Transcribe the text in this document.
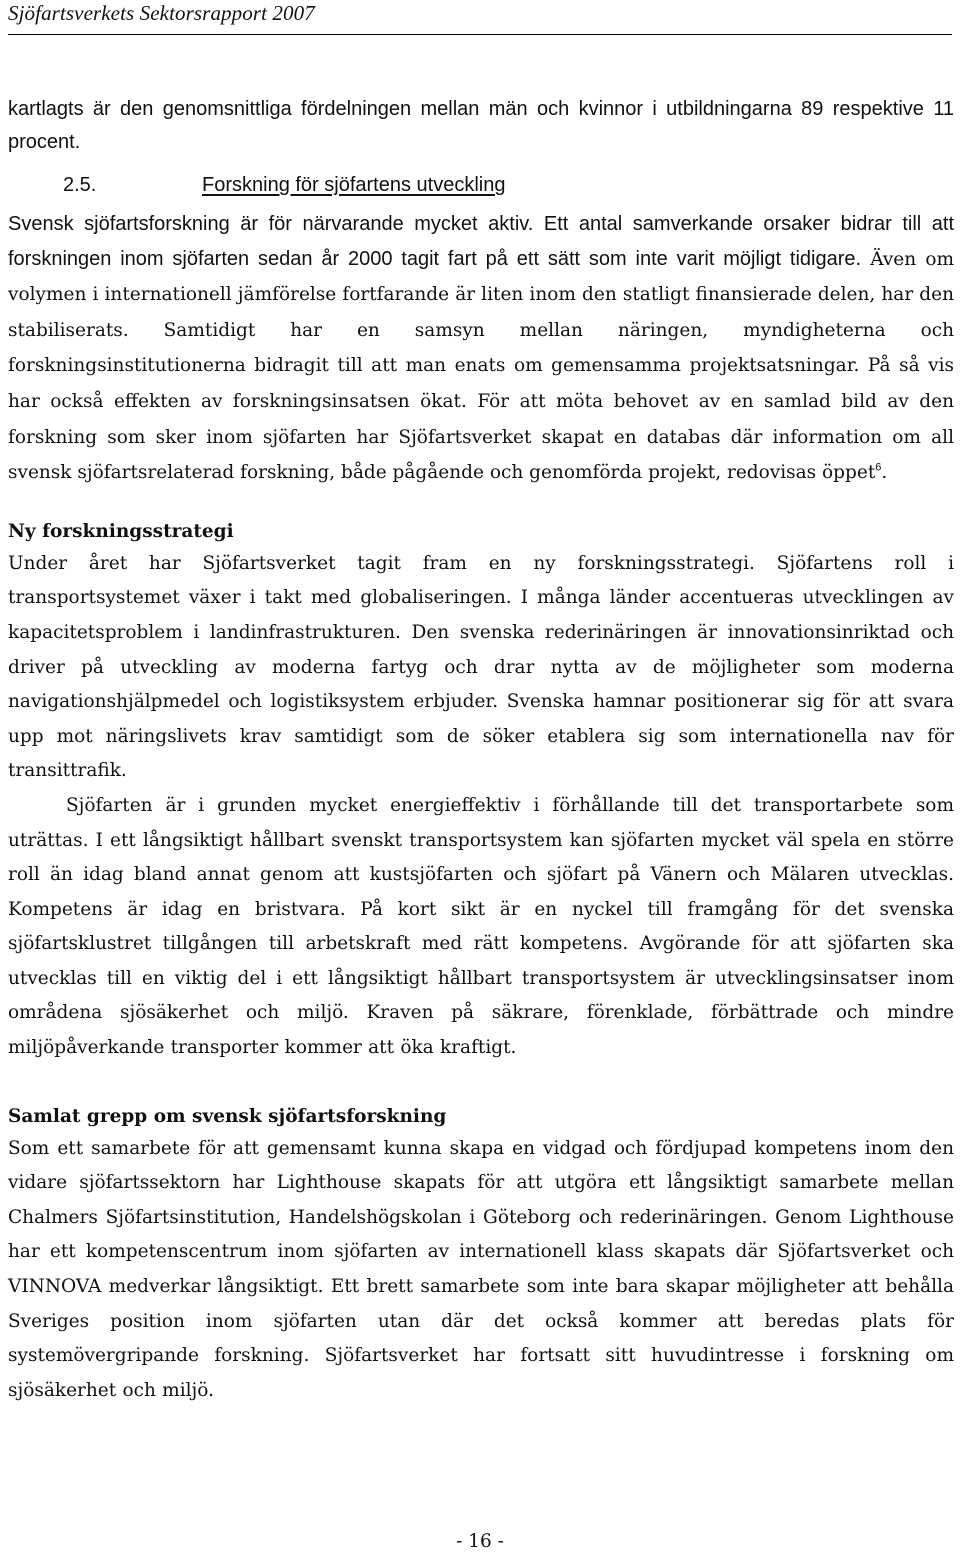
Sjöfartsverkets Sektorsrapport 2007

kartlagts är den genomsnittliga fördelningen mellan män och kvinnor i utbildningarna 89 respektive 11 procent.

2.5.	Forskning för sjöfartens utveckling

Svensk sjöfartsforskning är för närvarande mycket aktiv. Ett antal samverkande orsaker bidrar till att forskningen inom sjöfarten sedan år 2000 tagit fart på ett sätt som inte varit möjligt tidigare. Även om volymen i internationell jämförelse fortfarande är liten inom den statligt finansierade delen, har den stabiliserats. Samtidigt har en samsyn mellan näringen, myndigheterna och forskningsinstitutionerna bidragit till att man enats om gemensamma projektsatsningar. På så vis har också effekten av forskningsinsatsen ökat. För att möta behovet av en samlad bild av den forskning som sker inom sjöfarten har Sjöfartsverket skapat en databas där information om all svensk sjöfartsrelaterad forskning, både pågående och genomförda projekt, redovisas öppet$^6$.

Ny forskningsstrategi

Under året har Sjöfartsverket tagit fram en ny forskningsstrategi. Sjöfartens roll i transportsystemet växer i takt med globaliseringen. I många länder accentueras utvecklingen av kapacitetsproblem i landinfrastrukturen. Den svenska rederinäringen är innovationsinriktad och driver på utveckling av moderna fartyg och drar nytta av de möjligheter som moderna navigationshjälpmedel och logistiksystem erbjuder. Svenska hamnar positionerar sig för att svara upp mot näringslivets krav samtidigt som de söker etablera sig som internationella nav för transittrafik.

Sjöfarten är i grunden mycket energieffektiv i förhållande till det transportarbete som uträttas. I ett långsiktigt hållbart svenskt transportsystem kan sjöfarten mycket väl spela en större roll än idag bland annat genom att kustsjöfarten och sjöfart på Vänern och Mälaren utvecklas. Kompetens är idag en bristvara. På kort sikt är en nyckel till framgång för det svenska sjöfartsklustret tillgången till arbetskraft med rätt kompetens. Avgörande för att sjöfarten ska utvecklas till en viktig del i ett långsiktigt hållbart transportsystem är utvecklingsinsatser inom områdena sjösäkerhet och miljö. Kraven på säkrare, förenklade, förbättrade och mindre miljöpåverkande transporter kommer att öka kraftigt.

Samlat grepp om svensk sjöfartsforskning

Som ett samarbete för att gemensamt kunna skapa en vidgad och fördjupad kompetens inom den vidare sjöfartssektorn har Lighthouse skapats för att utgöra ett långsiktigt samarbete mellan Chalmers Sjöfartsinstitution, Handelshögskolan i Göteborg och rederinäringen. Genom Lighthouse har ett kompetenscentrum inom sjöfarten av internationell klass skapats där Sjöfartsverket och VINNOVA medverkar långsiktigt. Ett brett samarbete som inte bara skapar möjligheter att behålla Sveriges position inom sjöfarten utan där det också kommer att beredas plats för systemövergripande forskning. Sjöfartsverket har fortsatt sitt huvudintresse i forskning om sjösäkerhet och miljö.

- 16 -
